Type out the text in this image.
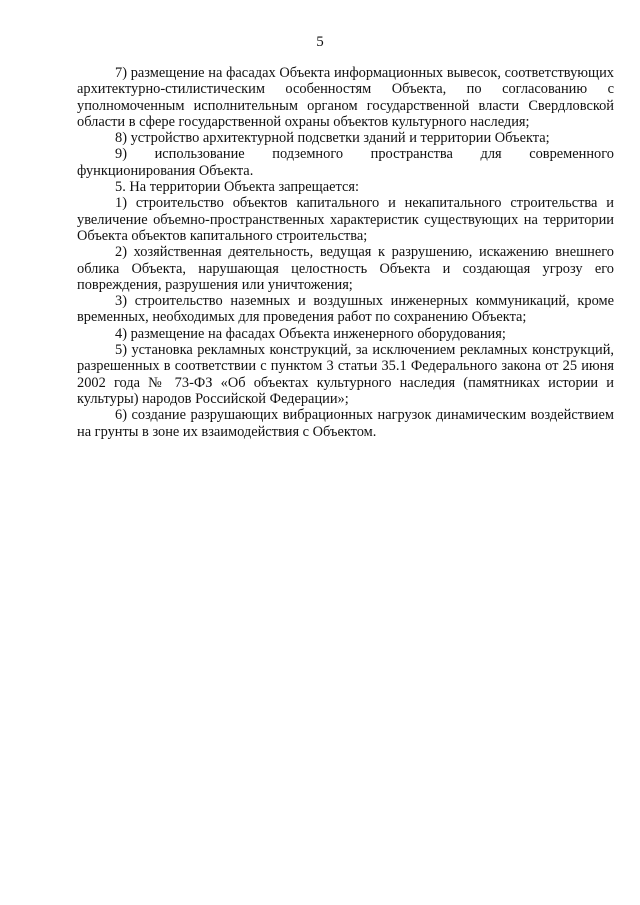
5

7) размещение на фасадах Объекта информационных вывесок, соответствующих архитектурно-стилистическим особенностям Объекта, по согласованию с уполномоченным исполнительным органом государственной власти Свердловской области в сфере государственной охраны объектов культурного наследия;

8) устройство архитектурной подсветки зданий и территории Объекта;

9) использование подземного пространства для современного функционирования Объекта.

5. На территории Объекта запрещается:

1) строительство объектов капитального и некапитального строительства и увеличение объемно-пространственных характеристик существующих на территории Объекта объектов капитального строительства;

2) хозяйственная деятельность, ведущая к разрушению, искажению внешнего облика Объекта, нарушающая целостность Объекта и создающая угрозу его повреждения, разрушения или уничтожения;

3) строительство наземных и воздушных инженерных коммуникаций, кроме временных, необходимых для проведения работ по сохранению Объекта;

4) размещение на фасадах Объекта инженерного оборудования;

5) установка рекламных конструкций, за исключением рекламных конструкций, разрешенных в соответствии с пунктом 3 статьи 35.1 Федерального закона от 25 июня 2002 года № 73-ФЗ «Об объектах культурного наследия (памятниках истории и культуры) народов Российской Федерации»;

6) создание разрушающих вибрационных нагрузок динамическим воздействием на грунты в зоне их взаимодействия с Объектом.
